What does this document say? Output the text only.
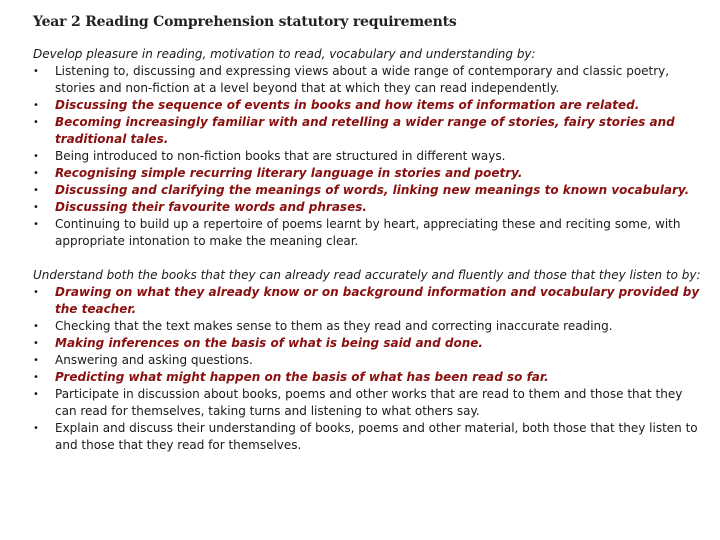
Year 2 Reading Comprehension statutory requirements
Develop pleasure in reading, motivation to read, vocabulary and understanding by:
• Listening to, discussing and expressing views about a wide range of contemporary and classic poetry, stories and non-fiction at a level beyond that at which they can read independently.
• Discussing the sequence of events in books and how items of information are related.
• Becoming increasingly familiar with and retelling a wider range of stories, fairy stories and traditional tales.
• Being introduced to non-fiction books that are structured in different ways.
• Recognising simple recurring literary language in stories and poetry.
• Discussing and clarifying the meanings of words, linking new meanings to known vocabulary.
• Discussing their favourite words and phrases.
• Continuing to build up a repertoire of poems learnt by heart, appreciating these and reciting some, with appropriate intonation to make the meaning clear.
Understand both the books that they can already read accurately and fluently and those that they listen to by:
• Drawing on what they already know or on background information and vocabulary provided by the teacher.
• Checking that the text makes sense to them as they read and correcting inaccurate reading.
• Making inferences on the basis of what is being said and done.
• Answering and asking questions.
• Predicting what might happen on the basis of what has been read so far.
• Participate in discussion about books, poems and other works that are read to them and those that they can read for themselves, taking turns and listening to what others say.
• Explain and discuss their understanding of books, poems and other material, both those that they listen to and those that they read for themselves.
